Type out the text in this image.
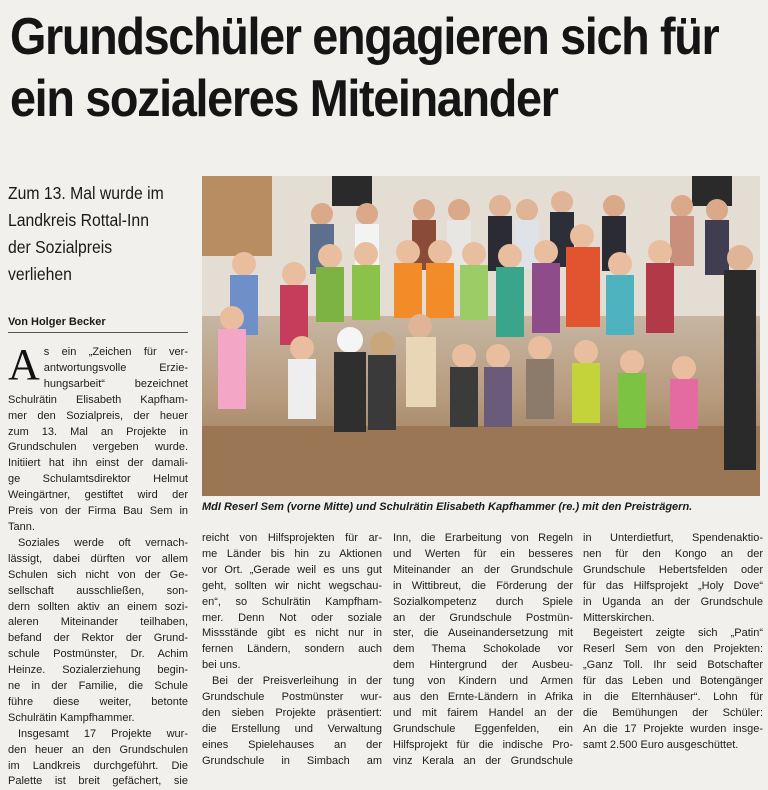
Grundschüler engagieren sich für
ein sozialeres Miteinander
Zum 13. Mal wurde im
Landkreis Rottal-Inn
der Sozialpreis
verliehen
Von Holger Becker
MdI Reserl Sem (vorne Mitte) und Schulrätin Elisabeth Kapfhammer (re.) mit den Preisträgern.
A s ein „Zeichen für ver-
antwortungsvolle Erzie-
hungsarbeit“ bezeichnet
Schulrätin Elisabeth Kapfham-
mer den Sozialpreis, der heuer
zum 13. Mal an Projekte in
Grundschulen vergeben wurde.
Initiiert hat ihn einst der damali-
ge Schulamtsdirektor Helmut
Weingärtner, gestiftet wird der
Preis von der Firma Bau Sem in
Tann.
Soziales werde oft vernach-
lässigt, dabei dürften vor allem
Schulen sich nicht von der Ge-
sellschaft ausschließen, son-
dern sollten aktiv an einem sozi-
aleren Miteinander teilhaben,
befand der Rektor der Grund-
schule Postmünster, Dr. Achim
Heinze. Sozialerziehung begin-
ne in der Familie, die Schule
führe diese weiter, betonte
Schulrätin Kampfhammer.
Insgesamt 17 Projekte wur-
den heuer an den Grundschulen
im Landkreis durchgeführt. Die
Palette ist breit gefächert, sie
reicht von Hilfsprojekten für ar-
me Länder bis hin zu Aktionen
vor Ort. „Gerade weil es uns gut
geht, sollten wir nicht wegschau-
en“, so Schulrätin Kampfham-
mer. Denn Not oder soziale
Missstände gibt es nicht nur in
fernen Ländern, sondern auch
bei uns.
Bei der Preisverleihung in der
Grundschule Postmünster wur-
den sieben Projekte präsentiert:
die Erstellung und Verwaltung
eines Spielehauses an der
Grundschule in Simbach am
Inn, die Erarbeitung von Regeln
und Werten für ein besseres
Miteinander an der Grundschule
in Wittibreut, die Förderung der
Sozialkompetenz durch Spiele
an der Grundschule Postmün-
ster, die Auseinandersetzung mit
dem Thema Schokolade vor
dem Hintergrund der Ausbeu-
tung von Kindern und Armen
aus den Ernte-Ländern in Afrika
und mit fairem Handel an der
Grundschule Eggenfelden, ein
Hilfsprojekt für die indische Pro-
vinz Kerala an der Grundschule
in Unterdietfurt, Spendenaktio-
nen für den Kongo an der
Grundschule Hebertsfelden oder
für das Hilfsprojekt „Holy Dove“
in Uganda an der Grundschule
Mitterskirchen.
Begeistert zeigte sich „Patin“
Reserl Sem von den Projekten:
„Ganz Toll. Ihr seid Botschafter
für das Leben und Botengänger
in die Elternhäuser“. Lohn für
die Bemühungen der Schüler:
An die 17 Projekte wurden insge-
samt 2.500 Euro ausgeschüttet.
